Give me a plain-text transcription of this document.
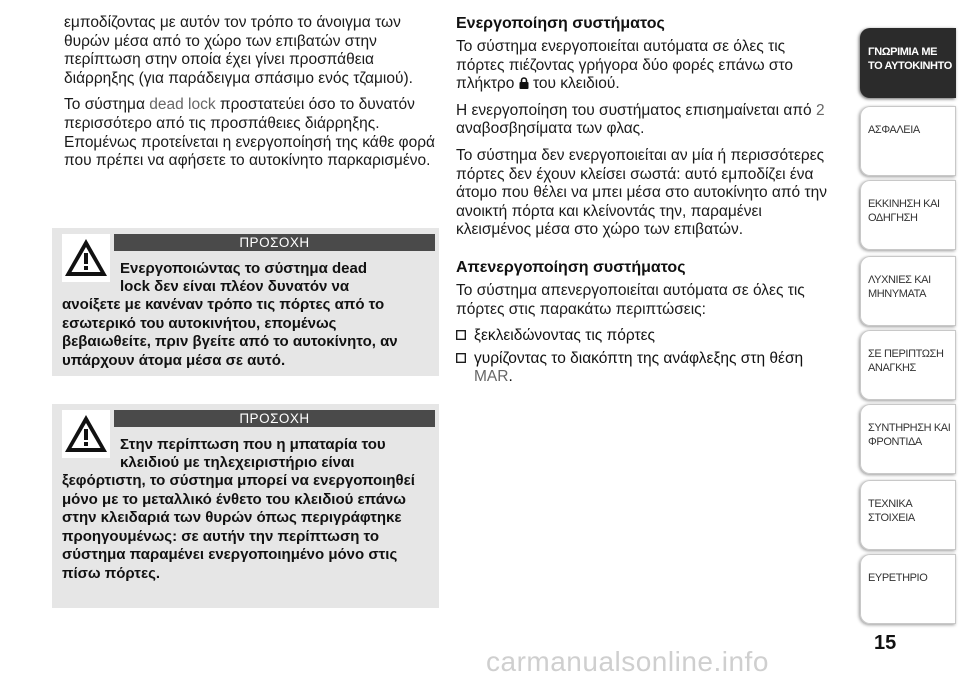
εμποδίζοντας με αυτόν τον τρόπο το άνοιγμα των θυρών μέσα από το χώρο των επιβατών στην περίπτωση στην οποία έχει γίνει προσπάθεια διάρρηξης (για παράδειγμα σπάσιμο ενός τζαμιού).

Το σύστημα dead lock προστατεύει όσο το δυνατόν περισσότερο από τις προσπάθειες διάρρηξης. Επομένως προτείνεται η ενεργοποίησή της κάθε φορά που πρέπει να αφήσετε το αυτοκίνητο παρκαρισμένο.

ΠΡΟΣΟΧΗ
Ενεργοποιώντας το σύστημα dead
lock δεν είναι πλέον δυνατόν να
ανοίξετε με κανέναν τρόπο τις πόρτες από το εσωτερικό του αυτοκινήτου, επομένως βεβαιωθείτε, πριν βγείτε από το αυτοκίνητο, αν υπάρχουν άτομα μέσα σε αυτό.
ΠΡΟΣΟΧΗ
Στην περίπτωση που η μπαταρία του
κλειδιού με τηλεχειριστήριο είναι
ξεφόρτιστη, το σύστημα μπορεί να ενεργοποιηθεί μόνο με το μεταλλικό ένθετο του κλειδιού επάνω στην κλειδαριά των θυρών όπως περιγράφτηκε προηγουμένως: σε αυτήν την περίπτωση το σύστημα παραμένει ενεργοποιημένο μόνο στις πίσω πόρτες.
Ενεργοποίηση συστήματος

Το σύστημα ενεργοποιείται αυτόματα σε όλες τις πόρτες πιέζοντας γρήγορα δύο φορές επάνω στο πλήκτρο  του κλειδιού.

Η ενεργοποίηση του συστήματος επισημαίνεται από 2 αναβοσβησίματα των φλας.

Το σύστημα δεν ενεργοποιείται αν μία ή περισσότερες πόρτες δεν έχουν κλείσει σωστά: αυτό εμποδίζει ένα άτομο που θέλει να μπει μέσα στο αυτοκίνητο από την ανοικτή πόρτα και κλείνοντάς την, παραμένει κλεισμένος μέσα στο χώρο των επιβατών.

Απενεργοποίηση συστήματος

Το σύστημα απενεργοποιείται αυτόματα σε όλες τις πόρτες στις παρακάτω περιπτώσεις:

ξεκλειδώνοντας τις πόρτες
γυρίζοντας το διακόπτη της ανάφλεξης στη θέση MAR.
ΓΝΩΡΙΜΙΑ ΜΕ ΤΟ ΑΥΤΟΚΙΝΗΤΟ
ΑΣΦΑΛΕΙΑ
ΕΚΚΙΝΗΣΗ ΚΑΙ ΟΔΗΓΗΣΗ
ΛΥΧΝΙΕΣ ΚΑΙ ΜΗΝΥΜΑΤΑ
ΣΕ ΠΕΡΙΠΤΩΣΗ ΑΝΑΓΚΗΣ
ΣΥΝΤΗΡΗΣΗ ΚΑΙ ΦΡΟΝΤΙΔΑ
ΤΕΧΝΙΚΑ ΣΤΟΙΧΕΙΑ
ΕΥΡΕΤΗΡΙΟ
15
carmanualsonline.info
